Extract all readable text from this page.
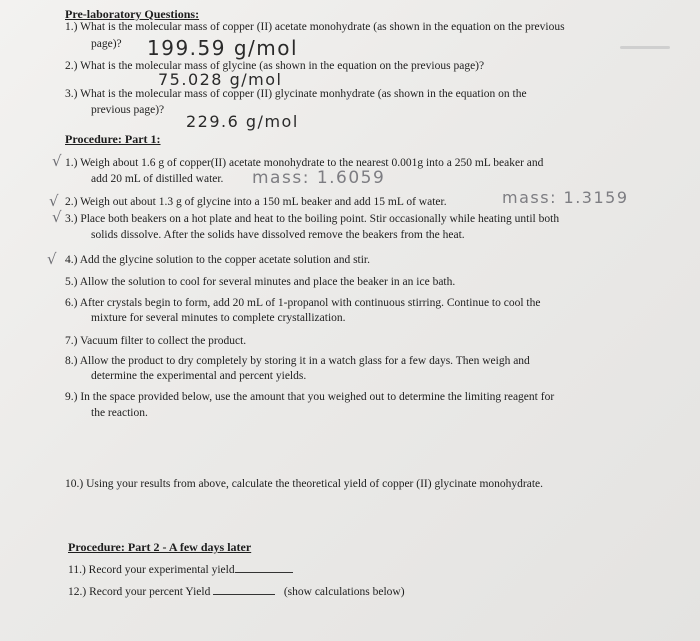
Pre-laboratory Questions:
1.) What is the molecular mass of copper (II) acetate monohydrate (as shown in the equation on the previous
page)? 199.59 g/mol
2.) What is the molecular mass of glycine (as shown in the equation on the previous page)?
75.028 g/mol
3.) What is the molecular mass of copper (II) glycinate monhydrate (as shown in the equation on the
previous page)?
229.6 g/mol
Procedure: Part 1:
√ 1.) Weigh about 1.6 g of copper(II) acetate monohydrate to the nearest 0.001g into a 250 mL beaker and
add 20 mL of distilled water. mass: 1.6059
√ 2.) Weigh out about 1.3 g of glycine into a 150 mL beaker and add 15 mL of water.	mass: 1.3159
√ 3.) Place both beakers on a hot plate and heat to the boiling point. Stir occasionally while heating until both
solids dissolve. After the solids have dissolved remove the beakers from the heat.
√ 4.) Add the glycine solution to the copper acetate solution and stir.
5.) Allow the solution to cool for several minutes and place the beaker in an ice bath.
6.) After crystals begin to form, add 20 mL of 1-propanol with continuous stirring. Continue to cool the
mixture for several minutes to complete crystallization.
7.) Vacuum filter to collect the product.
8.) Allow the product to dry completely by storing it in a watch glass for a few days. Then weigh and
determine the experimental and percent yields.
9.) In the space provided below, use the amount that you weighed out to determine the limiting reagent for
the reaction.
10.) Using your results from above, calculate the theoretical yield of copper (II) glycinate monohydrate.
Procedure: Part 2 - A few days later
11.) Record your experimental yield
12.) Record your percent Yield	(show calculations below)
